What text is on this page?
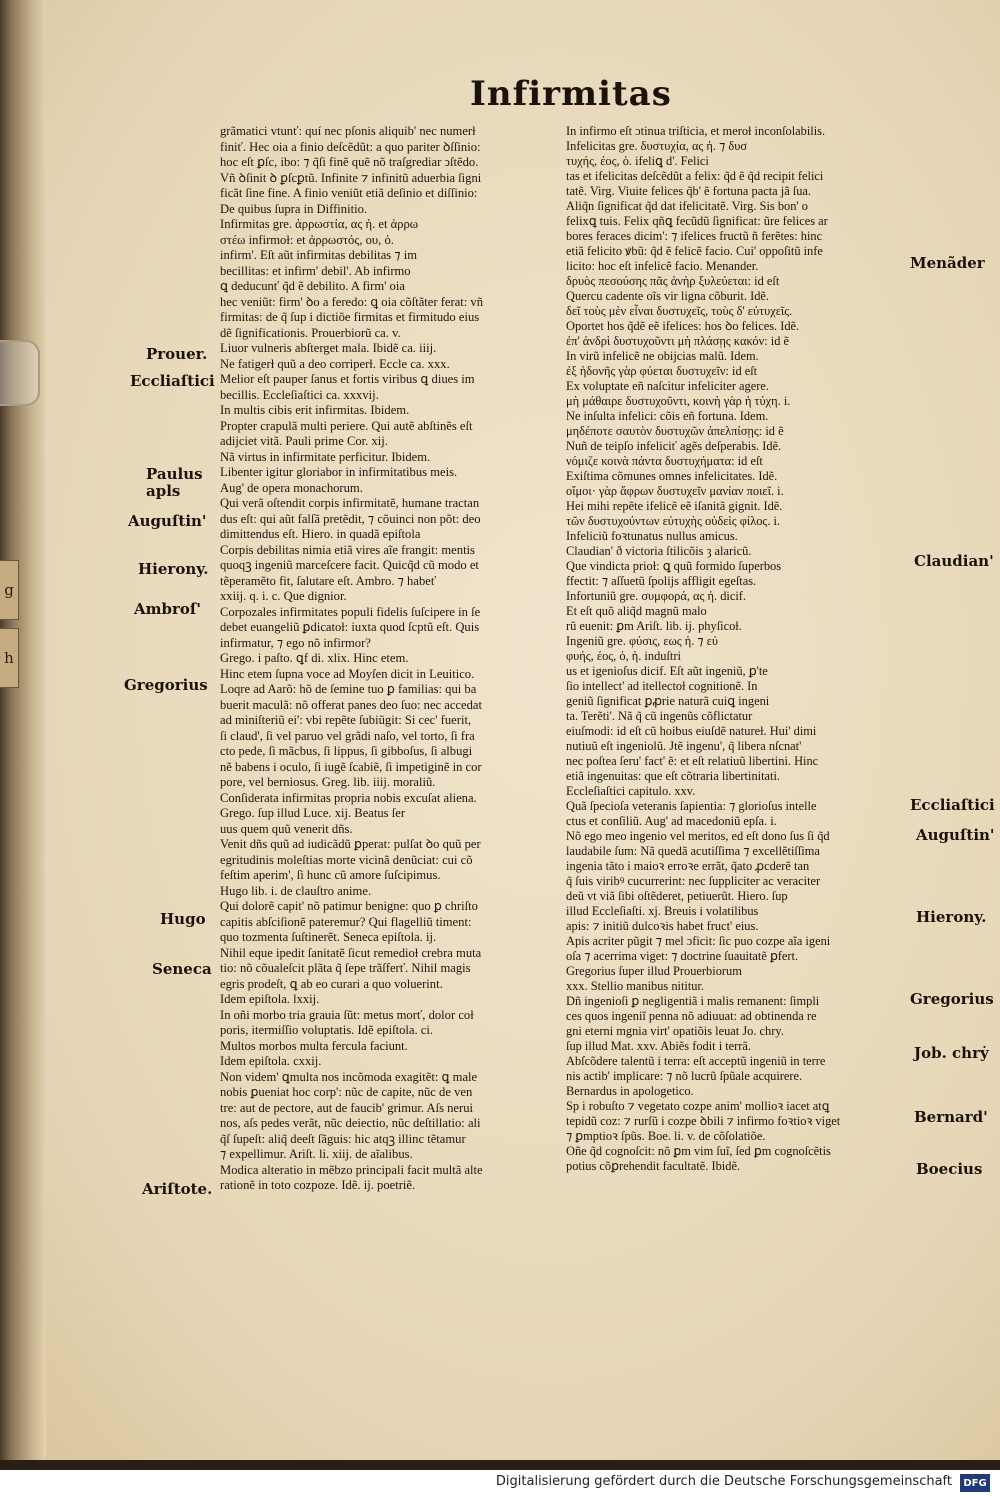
g
h
Infirmitas

grãmatici vtunť: quí nec pſonis aliquib' nec numerɫ

finiť. Hec oia a finio deſcẽdũt: a quo pariter ꝺſſinio:

hoc eſt ꝑſc, ibo: ⁊ q̃ſi finẽ quẽ nõ traſgrediar ↄſtẽdo.

Vñ ꝺſinit ꝺ ꝑſcꝑtũ. Infinite ⁊ infinitũ aduerbia ſigni

ficãt ſine fine. A finio veniũt etiã deſinio et diſſinio:

De quibus ſupra in Diffinitio.

Infirmitas gre. ἀρρωστία, ας ἡ. et ἀρρω

στέω infirmoɫ: et ἀρρωστός, ου, ὁ.

infirm'. Eſt aũt infirmitas debilitas ⁊ im

becillitas: et infirm' debil'. Ab infirmo

ꝗ deducunť q̃d ẽ debilito. A firm' oia

hec veniũt: firm' ꝺo a feredo: ꝗ oia cõſtãter ferat: vñ

firmitas: de q̃ ſup i dictiõe firmitas et firmitudo eius

dẽ ſignificationis. Prouerbiorũ ca. v.

Liuor vulneris abſterget mala. Ibidẽ ca. iiij.

Ne fatigerɫ quũ a deo corriperɫ. Eccle ca. xxx.

Melior eſt pauper ſanus et fortis viribus ꝗ diues im

becillis. Eccleſiaſtici ca. xxxvij.

In multis cibis erit infirmitas. Ibidem.

Propter crapulã multi periere. Qui autẽ abſtinẽs eſt

adijciet vitã. Pauli prime Cor. xij.

Nã virtus in infirmitate perficitur. Ibidem.

Libenter igitur gloriabor in infirmitatibus meis.

Aug' de opera monachorum.

Qui verã oſtendit corpis infirmitatẽ, humane tractan

dus eſt: qui aũt falſã pretẽdit, ⁊ cõuinci non põt: deo

dimittendus eſt. Hiero. in quadã epiſtola

Corpis debilitas nimia etiã vires aĩe frangit: mentis

quoqꝫ ingeniũ marceſcere facit. Quicq̃d cũ modo et

tẽperamẽto fit, ſalutare eſt. Ambro. ⁊ habeť

xxiij. q. i. c. Que dignior.

Corpozales infirmitates populi fidelis ſuſcipere in ſe

debet euangeliũ ꝑdicatoɫ: iuxta quod ſcptũ eſt. Quis

infirmatur, ⁊ ego nõ infirmor?

Grego. i paſto. ꝗf di. xlix. Hinc etem.

Hinc etem ſupna voce ad Moyſen dicit in Leuitico.

Loqre ad Aarõ: hõ de ſemine tuo ꝑ familias: qui ba

buerit maculã: nõ offerat panes deo ſuo: nec accedat

ad miniſteriũ ei': vbi repẽte ſubiũgit: Si cec' fuerit,

ſi claud', ſi vel paruo vel grãdi naſo, vel torto, ſi fra

cto pede, ſi mãcbus, ſi lippus, ſi gibboſus, ſi albugi

nẽ babens i oculo, ſi iugẽ ſcabiẽ, ſi impetiginẽ in cor

pore, vel berniosus. Greg. lib. iiij. moraliũ.

Conſiderata infirmitas propria nobis excuſat aliena.

Grego. ſup illud Luce. xij. Beatus ſer

uus quem quũ venerit dñs.

Venit dñs quũ ad iudicãdũ ꝑperat: pulſat ꝺo quũ per

egritudinis moleſtias morte vicinã denũciat: cui cõ

feſtim aperim', ſi hunc cũ amore ſuſcipimus.

Hugo lib. i. de clauſtro anime.

Qui dolorẽ capit' nõ patimur benigne: quo ꝑ chriſto

capitis abſciſionẽ pateremur? Qui flagelliũ timent:

quo tozmenta ſuſtinerẽt. Seneca epiſtola. ij.

Nihil eque ipedit ſanitatẽ ſicut remedioɫ crebra muta

tio: nõ cõualeſcit plãta q̃ ſepe trãſferť. Nihil magis

egris prodeſt, ꝗ ab eo curari a quo voluerint.

Idem epiſtola. lxxij.

In oñi morbo tria grauia ſũt: metus morť, dolor coɫ

poris, itermiſſio voluptatis. Idẽ epiſtola. ci.

Multos morbos multa fercula faciunt.

Idem epiſtola. cxxij.

Non videm' ꝗmulta nos incõmoda exagitẽt: ꝗ male

nobis ꝑueniat hoc corp': nũc de capite, nũc de ven

tre: aut de pectore, aut de faucib' grimur. Aſs nerui

nos, aſs pedes verãt, nũc deiectio, nũc deſtillatio: ali

q̃ſ ſupeſt: aliq̃ deeſt ſãguis: hic atqꝫ illinc tẽtamur

⁊ expellimur. Ariſt. li. xiij. de aĩalibus.

Modica alteratio in mẽbzo principali facit multã alte

rationẽ in toto cozpoze. Idẽ. ij. poetriẽ.

In infirmo eſt ɔtinua triſticia, et meroɫ inconſolabilis.

Infelicitas gre. δυστυχία, ας ἡ. ⁊ δυσ

τυχής, έος, ὁ. ifeliꝗ d'. Felici

tas et ifelicitas deſcẽdũt a felix: q̃d ẽ q̃d recipit felici

tatẽ. Virg. Viuite felices q̃b' ẽ fortuna pacta jã ſua.

Aliq̃n ſignificat q̃d dat ifelicitatẽ. Virg. Sis bon' o

felixꝗ tuis. Felix qñꝗ fecũdũ ſignificat: ũre felices ar

bores feraces dicim': ⁊ ifelices fructũ ñ ferẽtes: hinc

etiã felicito ꝟbũ: q̃d ẽ felicẽ facio. Cui' oppoſitũ infe

licito: hoc eſt infelicẽ facio. Menander.

δρυὸς πεσούσης πᾶς ἀνὴρ ξυλεύεται: id eſt

Quercu cadente oĩs vir ligna cõburit. Idẽ.

δεῖ τοὺς μὲν εἶναι δυστυχεῖς, τοὺς δ' εὐτυχεῖς.

Oportet hos q̃dẽ eẽ ifelices: hos ꝺo felices. Idẽ.

ἐπ' ἀνδρὶ δυστυχοῦντι μὴ πλάσῃς κακόν: id ẽ

In virũ infelicẽ ne obijcias malũ. Idem.

ἐξ ἡδονῆς γὰρ φύεται δυστυχεῖν: id eſt

Ex voluptate eñ naſcitur infeliciter agere.

μὴ μάθαιρε δυστυχοῦντι, κοινὴ γὰρ ἡ τύχη. i.

Ne inſulta infelici: cõis eñ fortuna. Idem.

μηδέποτε σαυτὸν δυστυχῶν ἀπελπίσῃς: id ẽ

Nuñ de teipſo infeliciť agẽs deſperabis. Idẽ.

νόμιζε κοινὰ πάντα δυστυχήματα: id eſt

Exiſtima cõmunes omnes infelicitates. Idẽ.

οἴμοι· γὰρ ἄφρων δυστυχεῖν μανίαν ποιεῖ. i.

Hei mihi repẽte ifelicẽ eẽ iſanitã gignit. Idẽ.

τῶν δυστυχούντων εὐτυχὴς οὐδεὶς φίλος. i.

Infeliciũ foꝛtunatus nullus amicus.

Claudian' ð victoria ſtilicõis ȝ alaricũ.

Que vindicta prioɫ: ꝗ quũ formido ſuperbos

ffectit: ⁊ aſſuetũ ſpolijs affligit egeſtas.

Infortuniũ gre. συμφορά, ας ἡ. dicif.

Et eſt quõ aliq̃d magnũ malo

rũ euenit: ꝑm Ariſt. lib. ij. phyſicoɫ.

Ingeniũ gre. φύσις, εως ἡ. ⁊ εὐ

φυής, έος, ὁ, ἡ. induſtri

us et igenioſus dicif. Eſt aũt ingeniũ, ꝑ'te

ſio intellect' ad itellectoɫ cognitionẽ. In

geniũ ſignificat ꝑꝓrie naturã cuiꝗ ingeni

ta. Terẽti'. Nã q̃ cũ ingenũs cõflictatur

eiuſmodi: id eſt cũ hoibus eiuſdẽ natureɫ. Hui' dimi

nutiuũ eſt ingeniolũ. Jtẽ ingenu', q̃ libera nſcnat'

nec poſtea ſeru' fact' ẽ: et eſt relatiuũ libertini. Hinc

etiã ingenuitas: que eſt cõtraria libertinitati.

Eccleſiaſtici capitulo. xxv.

Quã ſpecioſa veteranis ſapientia: ⁊ glorioſus intelle

ctus et conſiliũ. Aug' ad macedoniũ epſa. i.

Nõ ego meo ingenio vel meritos, ed eſt dono ſus ſi q̃d

laudabile ſum: Nã quedã acutiſſima ⁊ excellẽtiſſima

ingenia tãto i maioꝛ erroꝛe errãt, q̃ato ꝓcderẽ tan

q̃ ſuis viribꝰ cucurrerint: nec ſuppliciter ac veraciter

deũ vt viã ſibi oſtẽderet, petiuerũt. Hiero. ſup

illud Eccleſiaſti. xj. Breuis i volatilibus

apis: ⁊ initiũ dulcoꝛis habet fruct' eius.

Apis acriter pũgit ⁊ mel ɔficit: ſic puo cozpe aĩa igeni

oſa ⁊ acerrima viget: ⁊ doctrine ſuauitatẽ ꝑfert.

Gregorius ſuper illud Prouerbiorum

xxx. Stellio manibus nititur.

Dñ ingenioſi ꝑ negligentiã i malis remanent: ſimpli

ces quos ingeniĩ penna nõ adiuuat: ad obtinenda re

gni eterni mgnia virt' opatiõis leuat Jo. chry.

ſup illud Mat. xxv. Abiẽs fodit i terrã.

Abſcõdere talentũ i terra: eſt acceptũ ingeniũ in terre

nis actib' implicare: ⁊ nõ lucrũ ſpũale acquirere.

Bernardus in apologetico.

Sp i robuſto ⁊ vegetato cozpe anim' mollioꝛ iacet atꝗ

tepidũ coz: ⁊ rurſũ i cozpe ꝺbili ⁊ infirmo foꝛtioꝛ viget

⁊ ꝑmptioꝛ ſpũs. Boe. li. v. de cõſolatiõe.

Oñe q̃d cognoſcit: nõ ꝑm vim ſuĩ, ſed ꝑm cognoſcẽtis

potius cõꝑrehendit facultatẽ. Ibidẽ.

Prouer.
Eccliaſtici
Paulus
apls
Auguſtin'
Hierony.
Ambroſ'
Gregorius
Hugo
Seneca
Ariſtote.
Menãder
Claudian'
Eccliaſtici
Auguſtin'
Hierony.
Gregorius
Job. chrẏ
Bernard'
Boecius
Digitalisierung gefördert durch die Deutsche Forschungsgemeinschaft	DFG
